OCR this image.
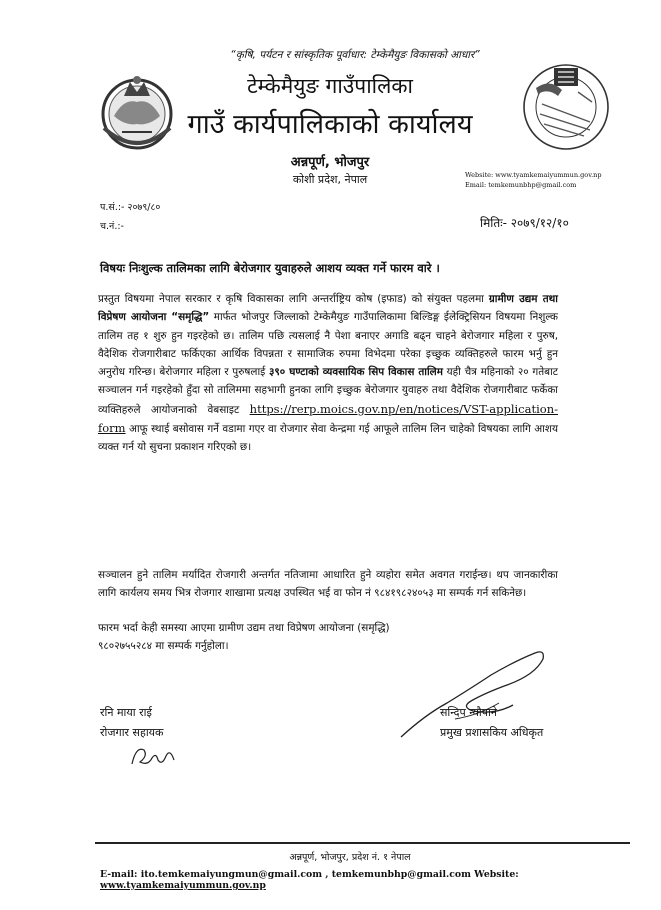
“कृषि, पर्यटन र सांस्कृतिक पूर्वाधार: टेम्केमैयुङ विकासको आधार”
टेम्केमैयुङ गाउँपालिका
गाउँ कार्यपालिकाको कार्यालय
अन्नपूर्ण, भोजपुर
कोशी प्रदेश, नेपाल	Website: www.tyamkemaiyummun.gov.np
Email: temkemunbhp@gmail.com
प.सं.:- २०७९/८०
च.नं.:-	मितिः- २०७९/१२/१०
विषयः निःशुल्क तालिमका लागि बेरोजगार युवाहरुले आशय व्यक्त गर्ने फारम वारे ।
प्रस्तुत विषयमा नेपाल सरकार र कृषि विकासका लागि अन्तर्राष्ट्रिय कोष (इफाड) को संयुक्त पहलमा ग्रामीण उद्यम तथा विप्रेषण आयोजना “समृद्धि” मार्फत भोजपुर जिल्लाको टेम्केमैयुङ गाउँपालिकामा बिल्डिङ्ग ईलेक्ट्रिसियन विषयमा निशुल्क तालिम तह १ शुरु हुन गइरहेको छ। तालिम पछि त्यसलाई नै पेशा बनाएर अगाडि बढ्न चाहने बेरोजगार महिला र पुरुष, वैदेशिक रोजगारीबाट फर्किएका आर्थिक विपन्नता र सामाजिक रुपमा विभेदमा परेका इच्छुक व्यक्तिहरुले फारम भर्नु हुन अनुरोध गरिन्छ। बेरोजगार महिला र पुरुषलाई ३९० घण्टाको व्यवसायिक सिप विकास तालिम यही चैत्र महिनाको २० गतेबाट सञ्चालन गर्न गइरहेको हुँदा सो तालिममा सहभागी हुनका लागि इच्छुक बेरोजगार युवाहरु तथा वैदेशिक रोजगारीबाट फर्केका व्यक्तिहरुले आयोजनाको वेबसाइट https://rerp.moics.gov.np/en/notices/VST-application-form आफू स्थाई बसोवास गर्ने वडामा गएर वा रोजगार सेवा केन्द्रमा गई आफूले तालिम लिन चाहेको विषयका लागि आशय व्यक्त गर्न यो सुचना प्रकाशन गरिएको छ।
सञ्चालन हुने तालिम मर्यादित रोजगारी अन्तर्गत नतिजामा आधारित हुने व्यहोरा समेत अवगत गराईन्छ। थप जानकारीका लागि कार्यलय समय भित्र रोजगार शाखामा प्रत्यक्ष उपस्थित भई वा फोन नं ९८४१९८२४०५३ मा सम्पर्क गर्न सकिनेछ।
फारम भर्दा केही समस्या आएमा ग्रामीण उद्यम तथा विप्रेषण आयोजना (समृद्धि)
९८०२७५५२८४ मा सम्पर्क गर्नुहोला।
रनि माया राई
रोजगार सहायक
सन्दिप न्यौपाने
प्रमुख प्रशासकिय अधिकृत
अन्नपूर्ण, भोजपुर, प्रदेश नं. १ नेपाल
E-mail: ito.temkemaiyungmun@gmail.com , temkemunbhp@gmail.com Website: www.tyamkemaiyummun.gov.np
